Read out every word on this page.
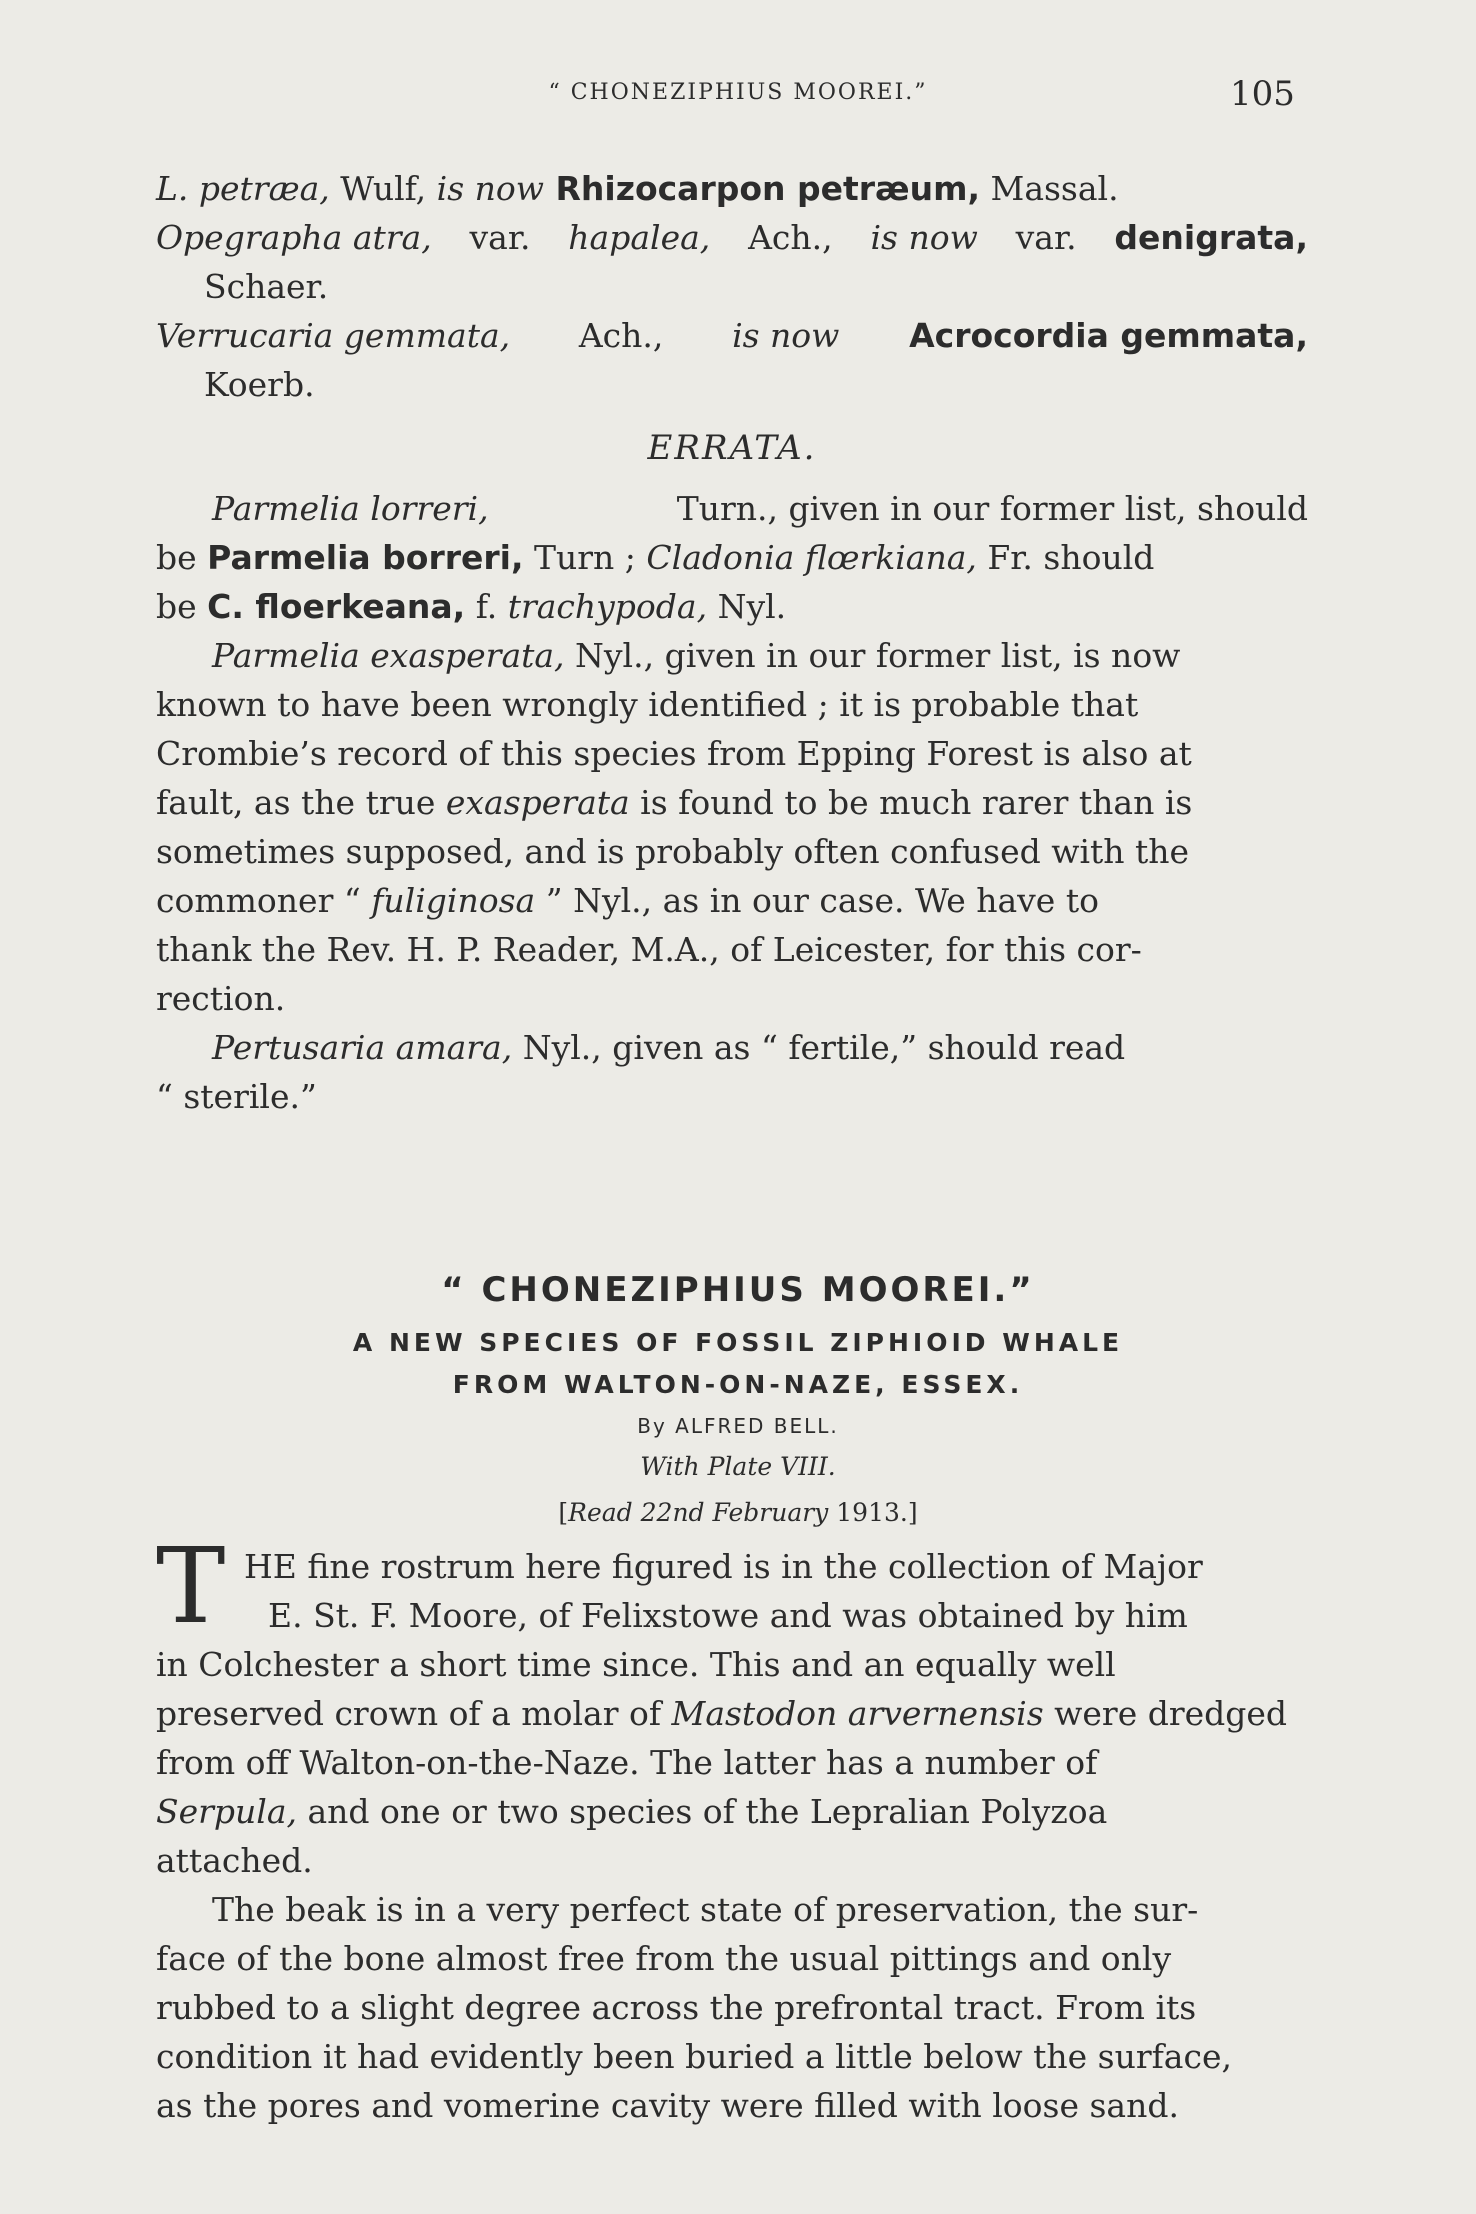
“ CHONEZIPHIUS MOOREI.”	105
L. petræa, Wulf, is now Rhizocarpon petræum, Massal.
Opegrapha atra, var. hapalea, Ach., is now var. denigrata,
Schaer.
Verrucaria gemmata, Ach., is now Acrocordia gemmata,
Koerb.
ERRATA.
Parmelia lorreri,	Turn., given in our former list, should
be Parmelia borreri, Turn ; Cladonia flœrkiana, Fr. should
be C. floerkeana, f. trachypoda, Nyl.
Parmelia exasperata, Nyl., given in our former list, is now
known to have been wrongly identified ; it is probable that
Crombie’s record of this species from Epping Forest is also at
fault, as the true exasperata is found to be much rarer than is
sometimes supposed, and is probably often confused with the
commoner “ fuliginosa ” Nyl., as in our case. We have to
thank the Rev. H. P. Reader, M.A., of Leicester, for this cor-
rection.
Pertusaria amara, Nyl., given as “ fertile,” should read
“ sterile.”
“ CHONEZIPHIUS MOOREI.”
A NEW SPECIES OF FOSSIL ZIPHIOID WHALE
FROM WALTON-ON-NAZE, ESSEX.
By ALFRED BELL.
With Plate VIII.
[Read 22nd February 1913.]
T HE fine rostrum here figured is in the collection of Major
E. St. F. Moore, of Felixstowe and was obtained by him
in Colchester a short time since. This and an equally well
preserved crown of a molar of Mastodon arvernensis were dredged
from off Walton-on-the-Naze. The latter has a number of
Serpula, and one or two species of the Lepralian Polyzoa
attached.
The beak is in a very perfect state of preservation, the sur-
face of the bone almost free from the usual pittings and only
rubbed to a slight degree across the prefrontal tract. From its
condition it had evidently been buried a little below the surface,
as the pores and vomerine cavity were filled with loose sand.
